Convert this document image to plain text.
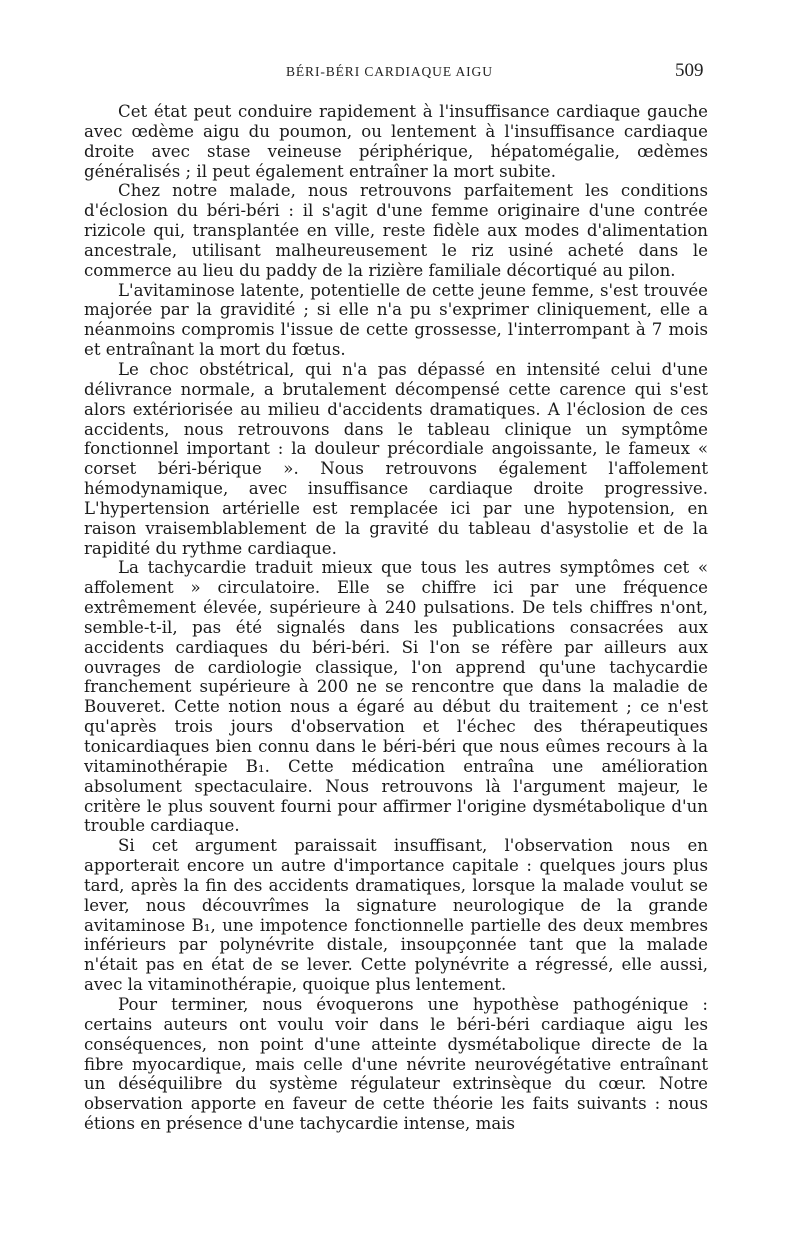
BÉRI-BÉRI CARDIAQUE AIGU	509

Cet état peut conduire rapidement à l'insuffisance cardiaque gauche avec œdème aigu du poumon, ou lentement à l'insuffisance cardiaque droite avec stase veineuse périphérique, hépatomégalie, œdèmes généralisés ; il peut également entraîner la mort subite.

Chez notre malade, nous retrouvons parfaitement les conditions d'éclosion du béri-béri : il s'agit d'une femme originaire d'une contrée rizicole qui, transplantée en ville, reste fidèle aux modes d'alimentation ancestrale, utilisant malheureusement le riz usiné acheté dans le commerce au lieu du paddy de la rizière familiale décortiqué au pilon.

L'avitaminose latente, potentielle de cette jeune femme, s'est trouvée majorée par la gravidité ; si elle n'a pu s'exprimer cliniquement, elle a néanmoins compromis l'issue de cette grossesse, l'interrompant à 7 mois et entraînant la mort du fœtus.

Le choc obstétrical, qui n'a pas dépassé en intensité celui d'une délivrance normale, a brutalement décompensé cette carence qui s'est alors extériorisée au milieu d'accidents dramatiques. A l'éclosion de ces accidents, nous retrouvons dans le tableau clinique un symptôme fonctionnel important : la douleur précordiale angoissante, le fameux « corset béri-bérique ». Nous retrouvons également l'affolement hémodynamique, avec insuffisance cardiaque droite progressive. L'hypertension artérielle est remplacée ici par une hypotension, en raison vraisemblablement de la gravité du tableau d'asystolie et de la rapidité du rythme cardiaque.

La tachycardie traduit mieux que tous les autres symptômes cet « affolement » circulatoire. Elle se chiffre ici par une fréquence extrêmement élevée, supérieure à 240 pulsations. De tels chiffres n'ont, semble-t-il, pas été signalés dans les publications consacrées aux accidents cardiaques du béri-béri. Si l'on se réfère par ailleurs aux ouvrages de cardiologie classique, l'on apprend qu'une tachycardie franchement supérieure à 200 ne se rencontre que dans la maladie de Bouveret. Cette notion nous a égaré au début du traitement ; ce n'est qu'après trois jours d'observation et l'échec des thérapeutiques tonicardiaques bien connu dans le béri-béri que nous eûmes recours à la vitaminothérapie B₁. Cette médication entraîna une amélioration absolument spectaculaire. Nous retrouvons là l'argument majeur, le critère le plus souvent fourni pour affirmer l'origine dysmétabolique d'un trouble cardiaque.

Si cet argument paraissait insuffisant, l'observation nous en apporterait encore un autre d'importance capitale : quelques jours plus tard, après la fin des accidents dramatiques, lorsque la malade voulut se lever, nous découvrîmes la signature neurologique de la grande avitaminose B₁, une impotence fonctionnelle partielle des deux membres inférieurs par polynévrite distale, insoupçonnée tant que la malade n'était pas en état de se lever. Cette polynévrite a régressé, elle aussi, avec la vitaminothérapie, quoique plus lentement.

Pour terminer, nous évoquerons une hypothèse pathogénique : certains auteurs ont voulu voir dans le béri-béri cardiaque aigu les conséquences, non point d'une atteinte dysmétabolique directe de la fibre myocardique, mais celle d'une névrite neurovégétative entraînant un déséquilibre du système régulateur extrinsèque du cœur. Notre observation apporte en faveur de cette théorie les faits suivants : nous étions en présence d'une tachycardie intense, mais
